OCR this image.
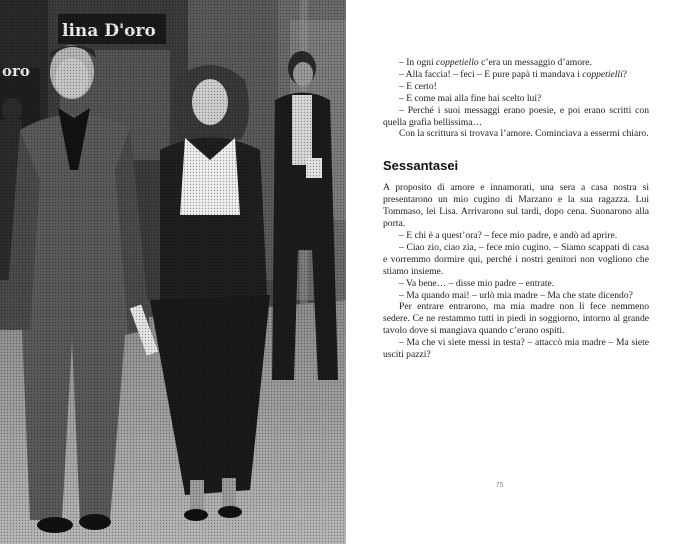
– In ogni coppetiello c’era un messaggio d’amore.

– Alla faccia! – feci – E pure papà ti mandava i coppetielli?

– E certo!

– E come mai alla fine hai scelto lui?

– Perché i suoi messaggi erano poesie, e poi erano scritti con quella grafia bellissima…

Con la scrittura si trovava l’amore. Cominciava a essermi chiaro.

Sessantasei

A proposito di amore e innamorati, una sera a casa nostra si presentarono un mio cugino di Marzano e la sua ragazza. Lui Tommaso, lei Lisa. Arrivarono sul tardi, dopo cena. Suonarono alla porta.

– E chi è a quest’ora? – fece mio padre, e andò ad aprire.

– Ciao zio, ciao zia, – fece mio cugino. – Siamo scappati di casa e vorremmo dormire qui, perché i nostri genitori non vogliono che stiamo insieme.

– Va bene… – disse mio padre – entrate.

– Ma quando mai! – urlò mia madre – Ma che state dicendo?

Per entrare entrarono, ma mia madre non li fece nemmeno sedere. Ce ne restammo tutti in piedi in soggiorno, intorno al grande tavolo dove si mangiava quando c’erano ospiti.

– Ma che vi siete messi in testa? – attaccò mia madre – Ma siete usciti pazzi?

75
